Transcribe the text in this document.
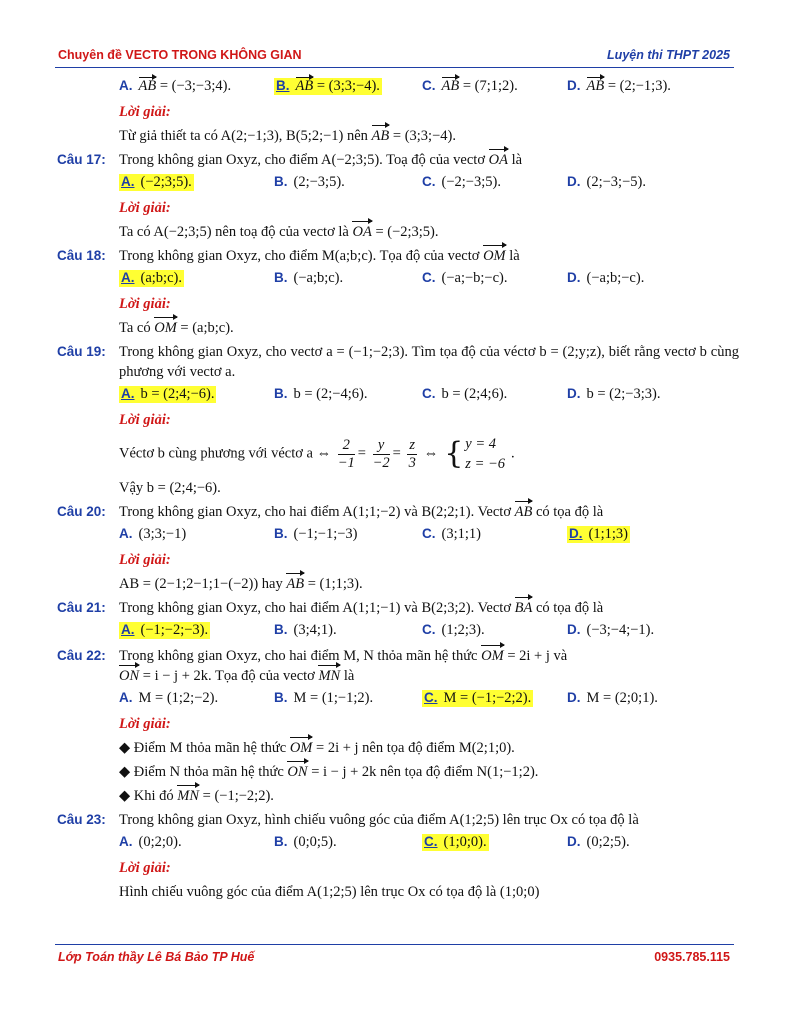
Chuyên đề VECTO TRONG KHÔNG GIAN	Luyện thi THPT 2025
A. AB = (−3;−3;4).	B. AB = (3;3;−4).	C. AB = (7;1;2).	D. AB = (2;−1;3).
Lời giải:
Từ giả thiết ta có A(2;−1;3), B(5;2;−1) nên AB = (3;3;−4).
Câu 17: Trong không gian Oxyz, cho điểm A(−2;3;5). Toạ độ của vectơ OA là
A. (−2;3;5).	B. (2;−3;5).	C. (−2;−3;5).	D. (2;−3;−5).
Lời giải:
Ta có A(−2;3;5) nên toạ độ của vectơ là OA = (−2;3;5).
Câu 18: Trong không gian Oxyz, cho điểm M(a;b;c). Tọa độ của vectơ OM là
A. (a;b;c).	B. (−a;b;c).	C. (−a;−b;−c).	D. (−a;b;−c).
Lời giải:
Ta có OM = (a;b;c).
Câu 19: Trong không gian Oxyz, cho vectơ a = (−1;−2;3). Tìm tọa độ của véctơ b = (2;y;z), biết rằng vectơ b cùng phương với vectơ a.
A. b = (2;4;−6).	B. b = (2;−4;6).	C. b = (2;4;6).	D. b = (2;−3;3).
Lời giải:
Véctơ b cùng phương với véctơ a ⇔ $\frac{2}{-1} = \frac{y}{-2} = \frac{z}{3}$ ⇔ { y = 4
z = −6.
Vậy b = (2;4;−6).
Câu 20: Trong không gian Oxyz, cho hai điểm A(1;1;−2) và B(2;2;1). Vectơ AB có tọa độ là
A. (3;3;−1)	B. (−1;−1;−3)	C. (3;1;1)	D. (1;1;3)
Lời giải:
AB = (2−1;2−1;1−(−2)) hay AB = (1;1;3).
Câu 21: Trong không gian Oxyz, cho hai điểm A(1;1;−1) và B(2;3;2). Vectơ BA có tọa độ là
A. (−1;−2;−3).	B. (3;4;1).	C. (1;2;3).	D. (−3;−4;−1).
Câu 22: Trong không gian Oxyz, cho hai điểm M, N thỏa mãn hệ thức OM = 2i + j và
ON = i − j + 2k. Tọa độ của vectơ MN là
A. M = (1;2;−2).	B. M = (1;−1;2).	C. M = (−1;−2;2).	D. M = (2;0;1).
Lời giải:
◆ Điểm M thỏa mãn hệ thức OM = 2i + j nên tọa độ điểm M(2;1;0).
◆ Điểm N thỏa mãn hệ thức ON = i − j + 2k nên tọa độ điểm N(1;−1;2).
◆ Khi đó MN = (−1;−2;2).
Câu 23: Trong không gian Oxyz, hình chiếu vuông góc của điểm A(1;2;5) lên trục Ox có tọa độ là
A. (0;2;0).	B. (0;0;5).	C. (1;0;0).	D. (0;2;5).
Lời giải:
Hình chiếu vuông góc của điểm A(1;2;5) lên trục Ox có tọa độ là (1;0;0)
Lớp Toán thầy Lê Bá Bảo TP Huế	0935.785.115
